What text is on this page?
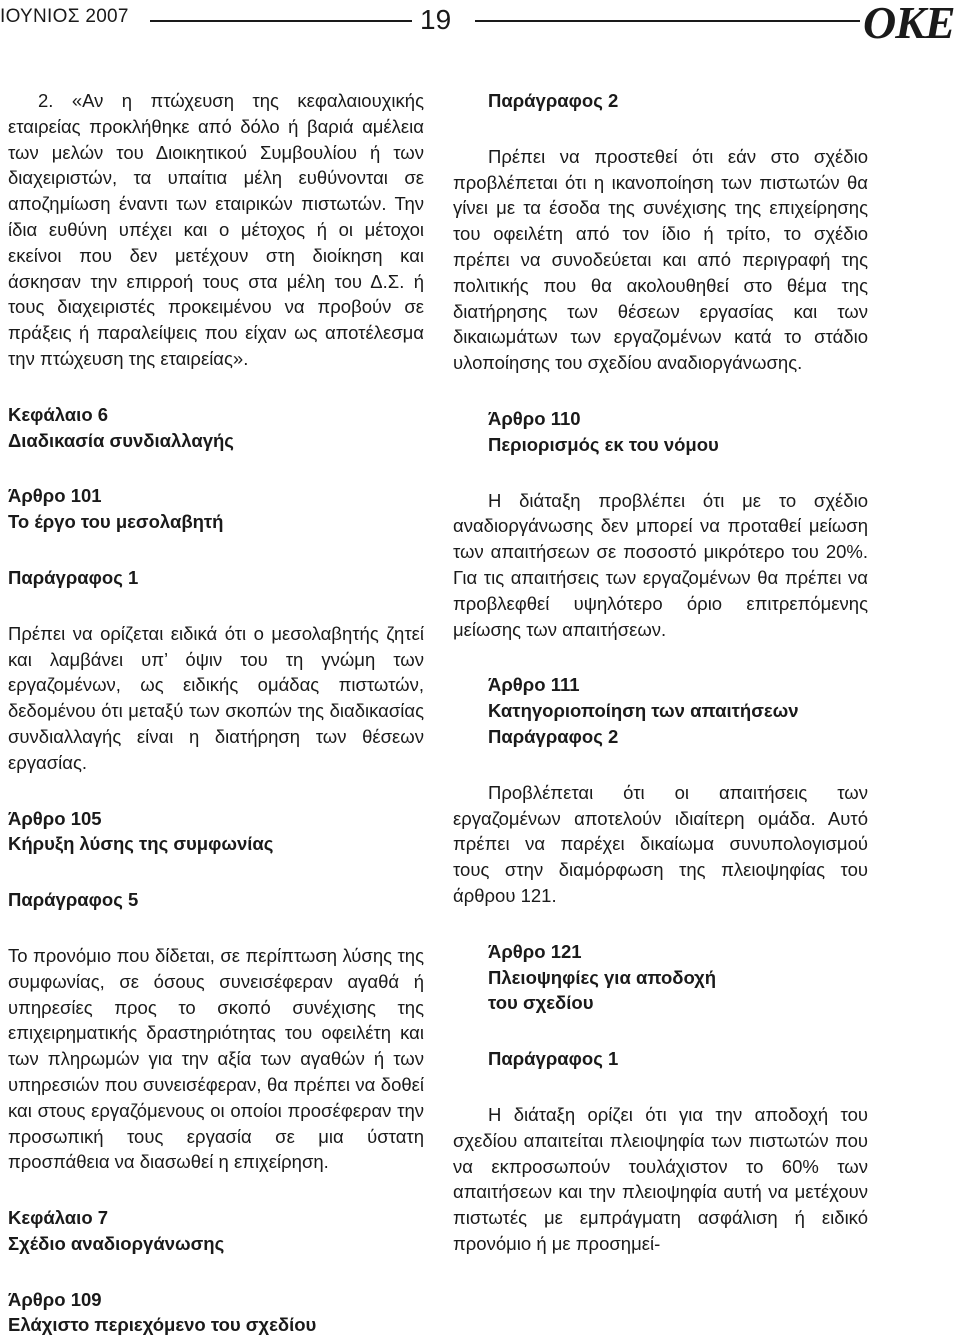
ΙΟΥΝΙΟΣ 2007	19	ΟΚΕ

2. «Αν η πτώχευση της κεφαλαιουχικής εταιρείας προκλήθηκε από δόλο ή βαριά αμέλεια των μελών του Διοικητικού Συμβουλίου ή των διαχειριστών, τα υπαίτια μέλη ευθύνονται σε αποζημίωση έναντι των εταιρικών πιστωτών. Την ίδια ευθύνη υπέχει και ο μέτοχος ή οι μέτοχοι εκείνοι που δεν μετέχουν στη διοίκηση και άσκησαν την επιρροή τους στα μέλη του Δ.Σ. ή τους διαχειριστές προκειμένου να προβούν σε πράξεις ή παραλείψεις που είχαν ως αποτέλεσμα την πτώχευση της εταιρείας».

Κεφάλαιο 6

Διαδικασία συνδιαλλαγής

Άρθρο 101

Το έργο του μεσολαβητή

Παράγραφος 1

Πρέπει να ορίζεται ειδικά ότι ο μεσολαβητής ζητεί και λαμβάνει υπ’ όψιν του τη γνώμη των εργαζομένων, ως ειδικής ομάδας πιστωτών, δεδομένου ότι μεταξύ των σκοπών της διαδικασίας συνδιαλλαγής είναι η διατήρηση των θέσεων εργασίας.

Άρθρο 105

Κήρυξη λύσης της συμφωνίας

Παράγραφος 5

Το προνόμιο που δίδεται, σε περίπτωση λύσης της συμφωνίας, σε όσους συνεισέφεραν αγαθά ή υπηρεσίες προς το σκοπό συνέχισης της επιχειρηματικής δραστηριότητας του οφειλέτη και των πληρωμών για την αξία των αγαθών ή των υπηρεσιών που συνεισέφεραν, θα πρέπει να δοθεί και στους εργαζόμενους οι οποίοι προσέφεραν την προσωπική τους εργασία σε μια ύστατη προσπάθεια να διασωθεί η επιχείρηση.

Κεφάλαιο 7

Σχέδιο αναδιοργάνωσης

Άρθρο 109

Ελάχιστο περιεχόμενο του σχεδίου

Παράγραφος 2

Πρέπει να προστεθεί ότι εάν στο σχέδιο προβλέπεται ότι η ικανοποίηση των πιστωτών θα γίνει με τα έσοδα της συνέχισης της επιχείρησης του οφειλέτη από τον ίδιο ή τρίτο, το σχέδιο πρέπει να συνοδεύεται και από περιγραφή της πολιτικής που θα ακολουθηθεί στο θέμα της διατήρησης των θέσεων εργασίας και των δικαιωμάτων των εργαζομένων κατά το στάδιο υλοποίησης του σχεδίου αναδιοργάνωσης.

Άρθρο 110

Περιορισμός εκ του νόμου

Η διάταξη προβλέπει ότι με το σχέδιο αναδιοργάνωσης δεν μπορεί να προταθεί μείωση των απαιτήσεων σε ποσοστό μικρότερο του 20%. Για τις απαιτήσεις των εργαζομένων θα πρέπει να προβλεφθεί υψηλότερο όριο επιτρεπόμενης μείωσης των απαιτήσεων.

Άρθρο 111

Κατηγοριοποίηση των απαιτήσεων

Παράγραφος 2

Προβλέπεται ότι οι απαιτήσεις των εργαζομένων αποτελούν ιδιαίτερη ομάδα. Αυτό πρέπει να παρέχει δικαίωμα συνυπολογισμού τους στην διαμόρφωση της πλειοψηφίας του άρθρου 121.

Άρθρο 121

Πλειοψηφίες για αποδοχή

του σχεδίου

Παράγραφος 1

Η διάταξη ορίζει ότι για την αποδοχή του σχεδίου απαιτείται πλειοψηφία των πιστωτών που να εκπροσωπούν τουλάχιστον το 60% των απαιτήσεων και την πλειοψηφία αυτή να μετέχουν πιστωτές με εμπράγματη ασφάλιση ή ειδικό προνόμιο ή με προσημεί-
